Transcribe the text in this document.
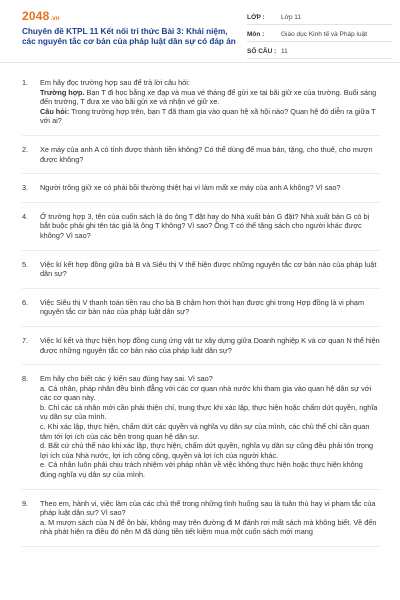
2048.vn
Chuyên đề KTPL 11 Kết nối tri thức Bài 3: Khái niệm, các nguyên tắc cơ bản của pháp luật dân sự có đáp án
LỚP :	Lớp 11
Môn :	Giáo dục Kinh tế và Pháp luật
SỐ CÂU : 11
1.	Em hãy đọc trường hợp sau để trả lời câu hỏi:

Trường hợp. Bạn T đi học bằng xe đạp và mua vé tháng để gửi xe tại bãi giữ xe của trường. Buổi sáng đến trường, T đưa xe vào bãi gửi xe và nhận vé giữ xe.

Câu hỏi: Trong trường hợp trên, bạn T đã tham gia vào quan hệ xã hội nào? Quan hệ đó diễn ra giữa T với ai?

2.	Xe máy của anh A có tính được thành tiền không? Có thể dùng để mua bán, tặng, cho thuê, cho mượn được không?
3.	Người trông giữ xe có phải bồi thường thiệt hại vì làm mất xe máy của anh A không? Vì sao?
4.	Ở trường hợp 3, tên của cuốn sách là do ông T đặt hay do Nhà xuất bản G đặt? Nhà xuất bản G có bị bắt buộc phải ghi tên tác giả là ông T không? Vì sao? Ông T có thể tặng sách cho người khác được không? Vì sao?
5.	Việc kí kết hợp đồng giữa bà B và Siêu thị V thể hiện được những nguyên tắc cơ bản nào của pháp luật dân sự?
6.	Việc Siêu thị V thanh toán tiền rau cho bà B chậm hơn thời hạn được ghi trong Hợp đồng là vi phạm nguyên tắc cơ bản nào của pháp luật dân sự?
7.	Việc kí kết và thực hiện hợp đồng cung ứng vật tư xây dựng giữa Doanh nghiệp K và cơ quan N thể hiện được những nguyên tắc cơ bản nào của pháp luật dân sự?
8.	Em hãy cho biết các ý kiến sau đúng hay sai. Vì sao?

a. Cá nhân, pháp nhân đều bình đẳng với các cơ quan nhà nước khi tham gia vào quan hệ dân sự với các cơ quan này.

b. Chỉ các cá nhân mới cần phải thiện chí, trung thực khi xác lập, thực hiện hoặc chấm dứt quyền, nghĩa vụ dân sự của mình.

c. Khi xác lập, thực hiện, chấm dứt các quyền và nghĩa vụ dân sự của mình, các chủ thể chỉ cần quan tâm tới lợi ích của các bên trong quan hệ dân sự.

d. Bất cứ chủ thể nào khi xác lập, thực hiện, chấm dứt quyền, nghĩa vụ dân sự cũng đều phải tôn trọng lợi ích của Nhà nước, lợi ích công cộng, quyền và lợi ích của người khác.

e. Cá nhân luôn phải chịu trách nhiệm với pháp nhân về việc không thực hiện hoặc thực hiện không đúng nghĩa vụ dân sự của mình.

9.	Theo em, hành vi, việc làm của các chủ thể trong những tình huống sau là tuân thủ hay vi phạm tắc của pháp luật dân sự? Vì sao?

a. M mượn sách của N để ôn bài, không may trên đường đi M đánh rơi mất sách mà không biết. Về đến nhà phát hiện ra điều đó nên M đã dùng tiền tiết kiệm mua một cuốn sách mới mang
